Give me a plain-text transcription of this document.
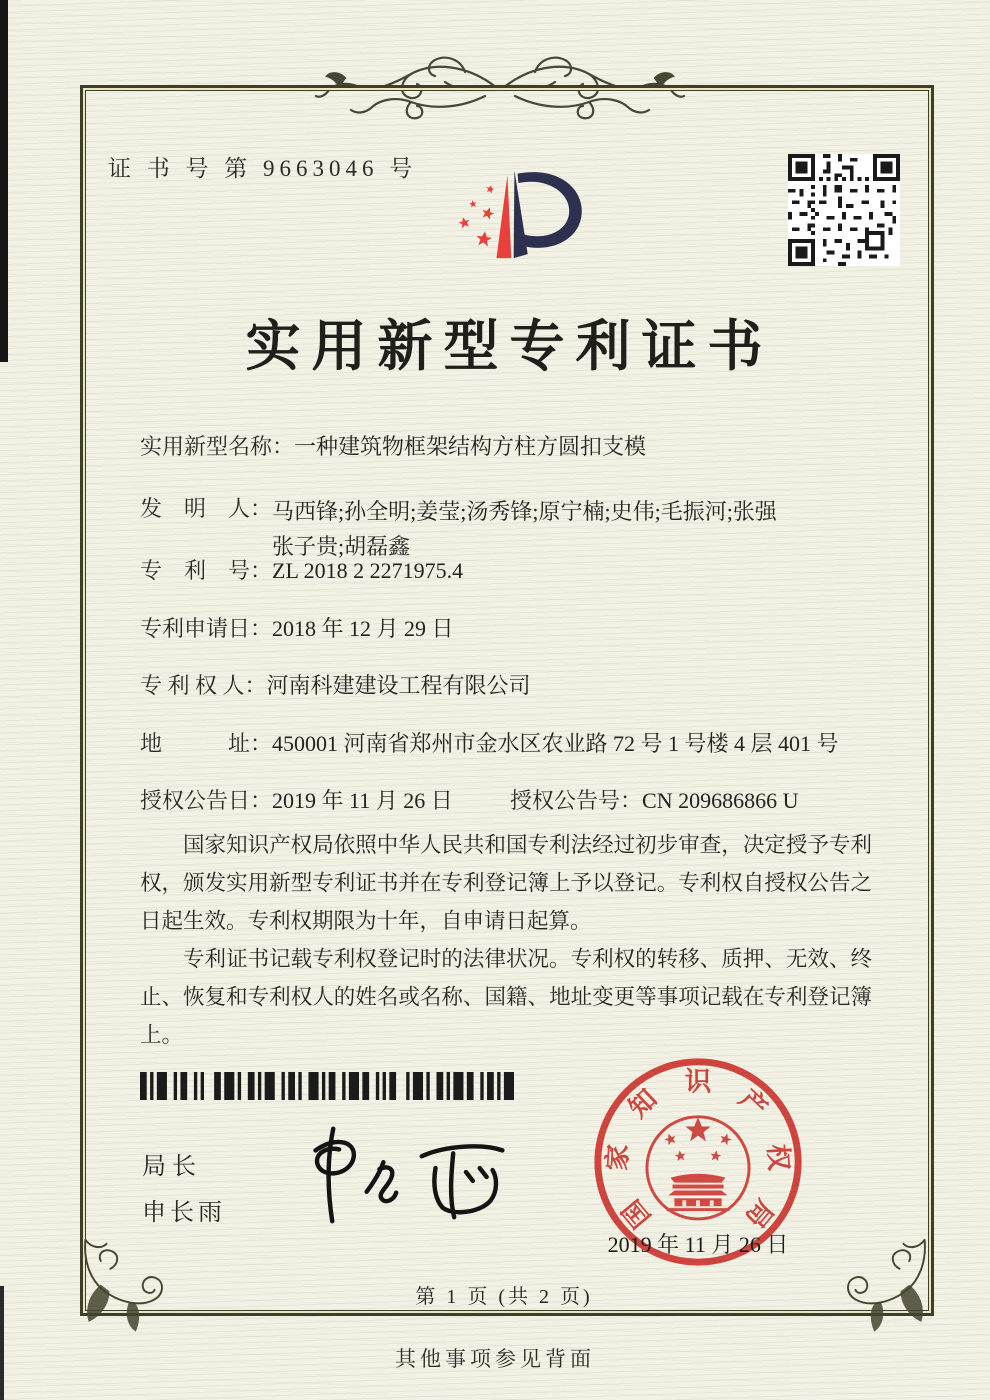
证 书 号 第 9663046 号
实用新型专利证书
实用新型名称：一种建筑物框架结构方柱方圆扣支模
发　明　人：马西锋;孙全明;姜莹;汤秀锋;原宁楠;史伟;毛振河;张强
张子贵;胡磊鑫
专　利　号：ZL 2018 2 2271975.4
专利申请日：2018 年 12 月 29 日
专 利 权 人：河南科建建设工程有限公司
地　　　址：450001 河南省郑州市金水区农业路 72 号 1 号楼 4 层 401 号
授权公告日：2019 年 11 月 26 日	授权公告号：CN 209686866 U

国家知识产权局依照中华人民共和国专利法经过初步审查，决定授予专利权，颁发实用新型专利证书并在专利登记簿上予以登记。专利权自授权公告之日起生效。专利权期限为十年，自申请日起算。

专利证书记载专利权登记时的法律状况。专利权的转移、质押、无效、终止、恢复和专利权人的姓名或名称、国籍、地址变更等事项记载在专利登记簿上。

局长
申长雨	国
家
知
识
产
权
局
2019 年 11 月 26 日
第 1 页 (共 2 页)
其他事项参见背面
